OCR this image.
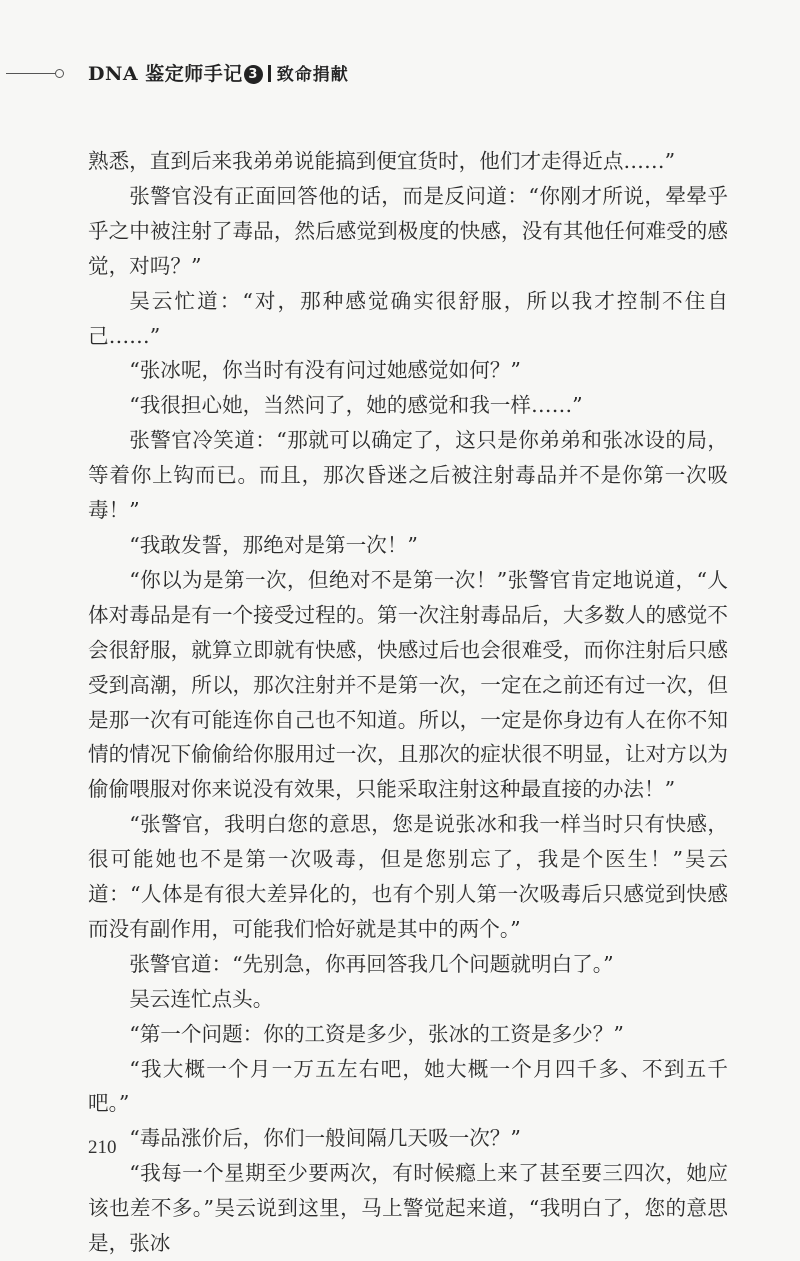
DNA 鉴定师手记 3 致命捐献

熟悉，直到后来我弟弟说能搞到便宜货时，他们才走得近点……”

张警官没有正面回答他的话，而是反问道：“你刚才所说，晕晕乎乎之中被注射了毒品，然后感觉到极度的快感，没有其他任何难受的感觉，对吗？”

吴云忙道：“对，那种感觉确实很舒服，所以我才控制不住自己……”

“张冰呢，你当时有没有问过她感觉如何？”

“我很担心她，当然问了，她的感觉和我一样……”

张警官冷笑道：“那就可以确定了，这只是你弟弟和张冰设的局，等着你上钩而已。而且，那次昏迷之后被注射毒品并不是你第一次吸毒！”

“我敢发誓，那绝对是第一次！”

“你以为是第一次，但绝对不是第一次！”张警官肯定地说道，“人体对毒品是有一个接受过程的。第一次注射毒品后，大多数人的感觉不会很舒服，就算立即就有快感，快感过后也会很难受，而你注射后只感受到高潮，所以，那次注射并不是第一次，一定在之前还有过一次，但是那一次有可能连你自己也不知道。所以，一定是你身边有人在你不知情的情况下偷偷给你服用过一次，且那次的症状很不明显，让对方以为偷偷喂服对你来说没有效果，只能采取注射这种最直接的办法！”

“张警官，我明白您的意思，您是说张冰和我一样当时只有快感，很可能她也不是第一次吸毒，但是您别忘了，我是个医生！”吴云道：“人体是有很大差异化的，也有个别人第一次吸毒后只感觉到快感而没有副作用，可能我们恰好就是其中的两个。”

张警官道：“先别急，你再回答我几个问题就明白了。”

吴云连忙点头。

“第一个问题：你的工资是多少，张冰的工资是多少？”

“我大概一个月一万五左右吧，她大概一个月四千多、不到五千吧。”

“毒品涨价后，你们一般间隔几天吸一次？”

“我每一个星期至少要两次，有时候瘾上来了甚至要三四次，她应该也差不多。”吴云说到这里，马上警觉起来道，“我明白了，您的意思是，张冰

210
